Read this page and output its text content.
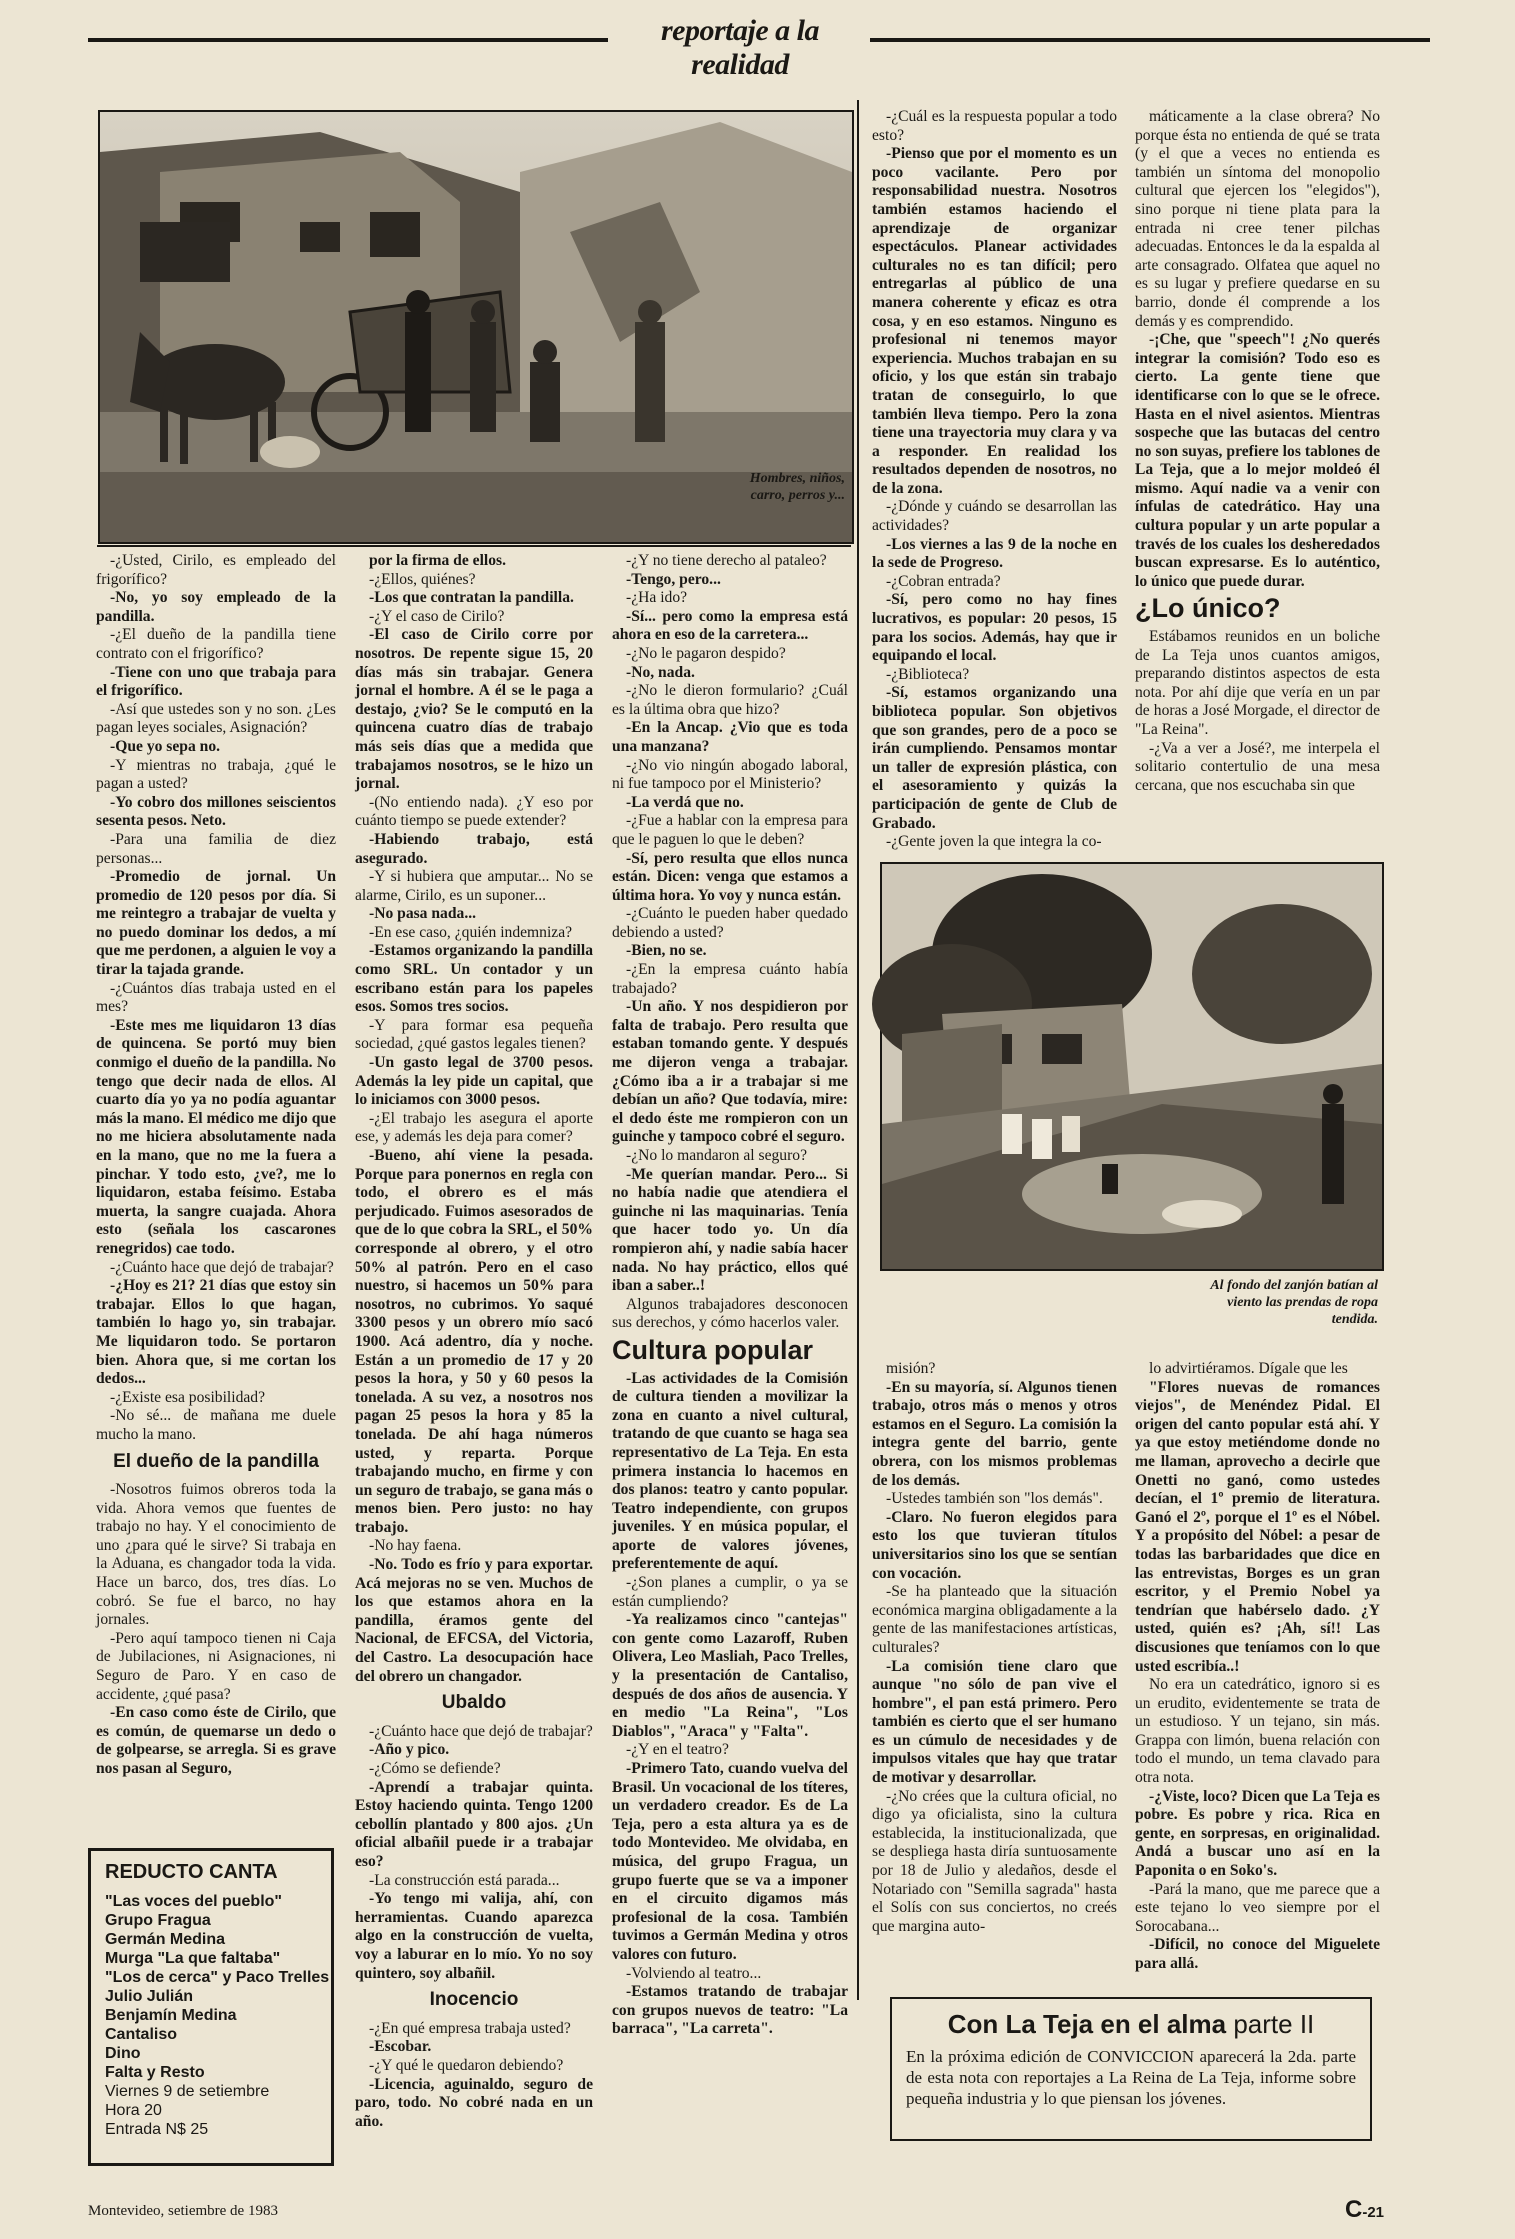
reportaje a la realidad
Hombres, niños, carro, perros y...

-¿Usted, Cirilo, es empleado del frigorífico?

-No, yo soy empleado de la pandilla.

-¿El dueño de la pandilla tiene contrato con el frigorífico?

-Tiene con uno que trabaja para el frigorífico.

-Así que ustedes son y no son. ¿Les pagan leyes sociales, Asignación?

-Que yo sepa no.

-Y mientras no trabaja, ¿qué le pagan a usted?

-Yo cobro dos millones seiscientos sesenta pesos. Neto.

-Para una familia de diez personas...

-Promedio de jornal. Un promedio de 120 pesos por día. Si me reintegro a trabajar de vuelta y no puedo dominar los dedos, a mí que me perdonen, a alguien le voy a tirar la tajada grande.

-¿Cuántos días trabaja usted en el mes?

-Este mes me liquidaron 13 días de quincena. Se portó muy bien conmigo el dueño de la pandilla. No tengo que decir nada de ellos. Al cuarto día yo ya no podía aguantar más la mano. El médico me dijo que no me hiciera absolutamente nada en la mano, que no me la fuera a pinchar. Y todo esto, ¿ve?, me lo liquidaron, estaba feísimo. Estaba muerta, la sangre cuajada. Ahora esto (señala los cascarones renegridos) cae todo.

-¿Cuánto hace que dejó de trabajar?

-¿Hoy es 21? 21 días que estoy sin trabajar. Ellos lo que hagan, también lo hago yo, sin trabajar. Me liquidaron todo. Se portaron bien. Ahora que, si me cortan los dedos...

-¿Existe esa posibilidad?

-No sé... de mañana me duele mucho la mano.

El dueño de la pandilla

-Nosotros fuimos obreros toda la vida. Ahora vemos que fuentes de trabajo no hay. Y el conocimiento de uno ¿para qué le sirve? Si trabaja en la Aduana, es changador toda la vida. Hace un barco, dos, tres días. Lo cobró. Se fue el barco, no hay jornales.

-Pero aquí tampoco tienen ni Caja de Jubilaciones, ni Asignaciones, ni Seguro de Paro. Y en caso de accidente, ¿qué pasa?

-En caso como éste de Cirilo, que es común, de quemarse un dedo o de golpearse, se arregla. Si es grave nos pasan al Seguro,

por la firma de ellos.

-¿Ellos, quiénes?

-Los que contratan la pandilla.

-¿Y el caso de Cirilo?

-El caso de Cirilo corre por nosotros. De repente sigue 15, 20 días más sin trabajar. Genera jornal el hombre. A él se le paga a destajo, ¿vio? Se le computó en la quincena cuatro días de trabajo más seis días que a medida que trabajamos nosotros, se le hizo un jornal.

-(No entiendo nada). ¿Y eso por cuánto tiempo se puede extender?

-Habiendo trabajo, está asegurado.

-Y si hubiera que amputar... No se alarme, Cirilo, es un suponer...

-No pasa nada...

-En ese caso, ¿quién indemniza?

-Estamos organizando la pandilla como SRL. Un contador y un escribano están para los papeles esos. Somos tres socios.

-Y para formar esa pequeña sociedad, ¿qué gastos legales tienen?

-Un gasto legal de 3700 pesos. Además la ley pide un capital, que lo iniciamos con 3000 pesos.

-¿El trabajo les asegura el aporte ese, y además les deja para comer?

-Bueno, ahí viene la pesada. Porque para ponernos en regla con todo, el obrero es el más perjudicado. Fuimos asesorados de que de lo que cobra la SRL, el 50% corresponde al obrero, y el otro 50% al patrón. Pero en el caso nuestro, si hacemos un 50% para nosotros, no cubrimos. Yo saqué 3300 pesos y un obrero mío sacó 1900. Acá adentro, día y noche. Están a un promedio de 17 y 20 pesos la hora, y 50 y 60 pesos la tonelada. A su vez, a nosotros nos pagan 25 pesos la hora y 85 la tonelada. De ahí haga números usted, y reparta. Porque trabajando mucho, en firme y con un seguro de trabajo, se gana más o menos bien. Pero justo: no hay trabajo.

-No hay faena.

-No. Todo es frío y para exportar. Acá mejoras no se ven. Muchos de los que estamos ahora en la pandilla, éramos gente del Nacional, de EFCSA, del Victoria, del Castro. La desocupación hace del obrero un changador.

Ubaldo

-¿Cuánto hace que dejó de trabajar?

-Año y pico.

-¿Cómo se defiende?

-Aprendí a trabajar quinta. Estoy haciendo quinta. Tengo 1200 cebollín plantado y 800 ajos. ¿Un oficial albañil puede ir a trabajar eso?

-La construcción está parada...

-Yo tengo mi valija, ahí, con herramientas. Cuando aparezca algo en la construcción de vuelta, voy a laburar en lo mío. Yo no soy quintero, soy albañil.

Inocencio

-¿En qué empresa trabaja usted?

-Escobar.

-¿Y qué le quedaron debiendo?

-Licencia, aguinaldo, seguro de paro, todo. No cobré nada en un año.

-¿Y no tiene derecho al pataleo?

-Tengo, pero...

-¿Ha ido?

-Sí... pero como la empresa está ahora en eso de la carretera...

-¿No le pagaron despido?

-No, nada.

-¿No le dieron formulario? ¿Cuál es la última obra que hizo?

-En la Ancap. ¿Vio que es toda una manzana?

-¿No vio ningún abogado laboral, ni fue tampoco por el Ministerio?

-La verdá que no.

-¿Fue a hablar con la empresa para que le paguen lo que le deben?

-Sí, pero resulta que ellos nunca están. Dicen: venga que estamos a última hora. Yo voy y nunca están.

-¿Cuánto le pueden haber quedado debiendo a usted?

-Bien, no se.

-¿En la empresa cuánto había trabajado?

-Un año. Y nos despidieron por falta de trabajo. Pero resulta que estaban tomando gente. Y después me dijeron venga a trabajar. ¿Cómo iba a ir a trabajar si me debían un año? Que todavía, mire: el dedo éste me rompieron con un guinche y tampoco cobré el seguro.

-¿No lo mandaron al seguro?

-Me querían mandar. Pero... Si no había nadie que atendiera el guinche ni las maquinarias. Tenía que hacer todo yo. Un día rompieron ahí, y nadie sabía hacer nada. No hay práctico, ellos qué iban a saber..!

Algunos trabajadores desconocen sus derechos, y cómo hacerlos valer.

Cultura popular

-Las actividades de la Comisión de cultura tienden a movilizar la zona en cuanto a nivel cultural, tratando de que cuanto se haga sea representativo de La Teja. En esta primera instancia lo hacemos en dos planos: teatro y canto popular. Teatro independiente, con grupos juveniles. Y en música popular, el aporte de valores jóvenes, preferentemente de aquí.

-¿Son planes a cumplir, o ya se están cumpliendo?

-Ya realizamos cinco "cantejas" con gente como Lazaroff, Ruben Olivera, Leo Masliah, Paco Trelles, y la presentación de Cantaliso, después de dos años de ausencia. Y en medio "La Reina", "Los Diablos", "Araca" y "Falta".

-¿Y en el teatro?

-Primero Tato, cuando vuelva del Brasil. Un vocacional de los títeres, un verdadero creador. Es de La Teja, pero a esta altura ya es de todo Montevideo. Me olvidaba, en música, del grupo Fragua, un grupo fuerte que se va a imponer en el circuito digamos más profesional de la cosa. También tuvimos a Germán Medina y otros valores con futuro.

-Volviendo al teatro...

-Estamos tratando de trabajar con grupos nuevos de teatro: "La barraca", "La carreta".

-¿Cuál es la respuesta popular a todo esto?

-Pienso que por el momento es un poco vacilante. Pero por responsabilidad nuestra. Nosotros también estamos haciendo el aprendizaje de organizar espectáculos. Planear actividades culturales no es tan difícil; pero entregarlas al público de una manera coherente y eficaz es otra cosa, y en eso estamos. Ninguno es profesional ni tenemos mayor experiencia. Muchos trabajan en su oficio, y los que están sin trabajo tratan de conseguirlo, lo que también lleva tiempo. Pero la zona tiene una trayectoria muy clara y va a responder. En realidad los resultados dependen de nosotros, no de la zona.

-¿Dónde y cuándo se desarrollan las actividades?

-Los viernes a las 9 de la noche en la sede de Progreso.

-¿Cobran entrada?

-Sí, pero como no hay fines lucrativos, es popular: 20 pesos, 15 para los socios. Además, hay que ir equipando el local.

-¿Biblioteca?

-Sí, estamos organizando una biblioteca popular. Son objetivos que son grandes, pero de a poco se irán cumpliendo. Pensamos montar un taller de expresión plástica, con el asesoramiento y quizás la participación de gente de Club de Grabado.

-¿Gente joven la que integra la co-

máticamente a la clase obrera? No porque ésta no entienda de qué se trata (y el que a veces no entienda es también un síntoma del monopolio cultural que ejercen los "elegidos"), sino porque ni tiene plata para la entrada ni cree tener pilchas adecuadas. Entonces le da la espalda al arte consagrado. Olfatea que aquel no es su lugar y prefiere quedarse en su barrio, donde él comprende a los demás y es comprendido.

-¡Che, que "speech"! ¿No querés integrar la comisión? Todo eso es cierto. La gente tiene que identificarse con lo que se le ofrece. Hasta en el nivel asientos. Mientras sospeche que las butacas del centro no son suyas, prefiere los tablones de La Teja, que a lo mejor moldeó él mismo. Aquí nadie va a venir con ínfulas de catedrático. Hay una cultura popular y un arte popular a través de los cuales los desheredados buscan expresarse. Es lo auténtico, lo único que puede durar.

¿Lo único?

Estábamos reunidos en un boliche de La Teja unos cuantos amigos, preparando distintos aspectos de esta nota. Por ahí dije que vería en un par de horas a José Morgade, el director de "La Reina".

-¿Va a ver a José?, me interpela el solitario contertulio de una mesa cercana, que nos escuchaba sin que

Al fondo del zanjón batían al viento las prendas de ropa tendida.

misión?

-En su mayoría, sí. Algunos tienen trabajo, otros más o menos y otros estamos en el Seguro. La comisión la integra gente del barrio, gente obrera, con los mismos problemas de los demás.

-Ustedes también son "los demás".

-Claro. No fueron elegidos para esto los que tuvieran títulos universitarios sino los que se sentían con vocación.

-Se ha planteado que la situación económica margina obligadamente a la gente de las manifestaciones artísticas, culturales?

-La comisión tiene claro que aunque "no sólo de pan vive el hombre", el pan está primero. Pero también es cierto que el ser humano es un cúmulo de necesidades y de impulsos vitales que hay que tratar de motivar y desarrollar.

-¿No crées que la cultura oficial, no digo ya oficialista, sino la cultura establecida, la institucionalizada, que se despliega hasta diría suntuosamente por 18 de Julio y aledaños, desde el Notariado con "Semilla sagrada" hasta el Solís con sus conciertos, no creés que margina auto-

lo advirtiéramos. Dígale que les

"Flores nuevas de romances viejos", de Menéndez Pidal. El origen del canto popular está ahí. Y ya que estoy metiéndome donde no me llaman, aprovecho a decirle que Onetti no ganó, como ustedes decían, el 1º premio de literatura. Ganó el 2º, porque el 1º es el Nóbel. Y a propósito del Nóbel: a pesar de todas las barbaridades que dice en las entrevistas, Borges es un gran escritor, y el Premio Nobel ya tendrían que habérselo dado. ¿Y usted, quién es? ¡Ah, sí!! Las discusiones que teníamos con lo que usted escribía..!

No era un catedrático, ignoro si es un erudito, evidentemente se trata de un estudioso. Y un tejano, sin más. Grappa con limón, buena relación con todo el mundo, un tema clavado para otra nota.

-¿Viste, loco? Dicen que La Teja es pobre. Es pobre y rica. Rica en gente, en sorpresas, en originalidad. Andá a buscar uno así en la Paponita o en Soko's.

-Pará la mano, que me parece que a este tejano lo veo siempre por el Sorocabana...

-Difícil, no conoce del Miguelete para allá.

REDUCTO CANTA
"Las voces del pueblo"
Grupo Fragua
Germán Medina
Murga "La que faltaba"
"Los de cerca" y Paco Trelles
Julio Julián
Benjamín Medina
Cantaliso
Dino
Falta y Resto
Viernes 9 de setiembre
Hora 20
Entrada N$ 25
Con La Teja en el alma parte II
En la próxima edición de CONVICCION aparecerá la 2da. parte de esta nota con reportajes a La Reina de La Teja, informe sobre pequeña industria y lo que piensan los jóvenes.
Montevideo, setiembre de 1983	C-21
